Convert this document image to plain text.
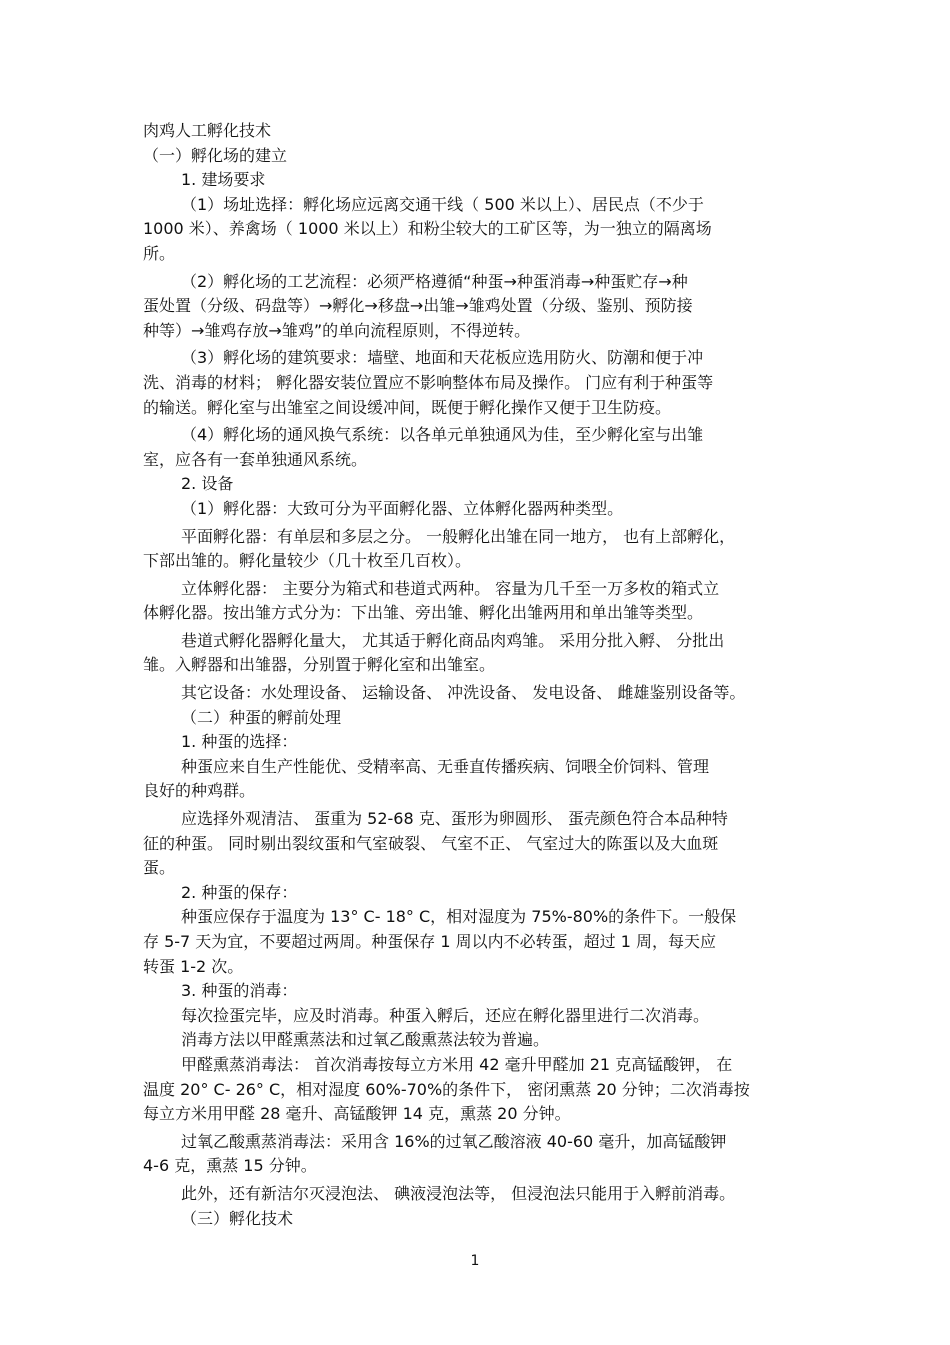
肉鸡人工孵化技术
（一）孵化场的建立
1. 建场要求
（1）场址选择：孵化场应远离交通干线（ 500 米以上）、居民点（不少于
1000 米）、养禽场（ 1000 米以上）和粉尘较大的工矿区等，为一独立的隔离场
所。
（2）孵化场的工艺流程：必须严格遵循“种蛋→种蛋消毒→种蛋贮存→种
蛋处置（分级、码盘等）→孵化→移盘→出雏→雏鸡处置（分级、鉴别、预防接
种等）→雏鸡存放→雏鸡”的单向流程原则，不得逆转。
（3）孵化场的建筑要求：墙壁、地面和天花板应选用防火、防潮和便于冲
洗、消毒的材料； 孵化器安装位置应不影响整体布局及操作。 门应有利于种蛋等
的输送。孵化室与出雏室之间设缓冲间，既便于孵化操作又便于卫生防疫。
（4）孵化场的通风换气系统：以各单元单独通风为佳，至少孵化室与出雏
室，应各有一套单独通风系统。
2. 设备
（1）孵化器：大致可分为平面孵化器、立体孵化器两种类型。
平面孵化器：有单层和多层之分。 一般孵化出雏在同一地方， 也有上部孵化，
下部出雏的。孵化量较少（几十枚至几百枚）。
立体孵化器： 主要分为箱式和巷道式两种。 容量为几千至一万多枚的箱式立
体孵化器。按出雏方式分为：下出雏、旁出雏、孵化出雏两用和单出雏等类型。
巷道式孵化器孵化量大， 尤其适于孵化商品肉鸡雏。 采用分批入孵、 分批出
雏。入孵器和出雏器，分别置于孵化室和出雏室。
其它设备：水处理设备、 运输设备、 冲洗设备、 发电设备、 雌雄鉴别设备等。
（二）种蛋的孵前处理
1. 种蛋的选择：
种蛋应来自生产性能优、受精率高、无垂直传播疾病、饲喂全价饲料、管理
良好的种鸡群。
应选择外观清洁、 蛋重为 52-68 克、蛋形为卵圆形、 蛋壳颜色符合本品种特
征的种蛋。 同时剔出裂纹蛋和气室破裂、 气室不正、 气室过大的陈蛋以及大血斑
蛋。
2. 种蛋的保存：
种蛋应保存于温度为 13° C- 18° C，相对湿度为 75%-80%的条件下。一般保
存 5-7 天为宜，不要超过两周。种蛋保存 1 周以内不必转蛋，超过 1 周，每天应
转蛋 1-2 次。
3. 种蛋的消毒：
每次捡蛋完毕，应及时消毒。种蛋入孵后，还应在孵化器里进行二次消毒。
消毒方法以甲醛熏蒸法和过氧乙酸熏蒸法较为普遍。
甲醛熏蒸消毒法： 首次消毒按每立方米用 42 毫升甲醛加 21 克高锰酸钾， 在
温度 20° C- 26° C，相对湿度 60%-70%的条件下， 密闭熏蒸 20 分钟；二次消毒按
每立方米用甲醛 28 毫升、高锰酸钾 14 克，熏蒸 20 分钟。
过氧乙酸熏蒸消毒法：采用含 16%的过氧乙酸溶液 40-60 毫升，加高锰酸钾
4-6 克，熏蒸 15 分钟。
此外，还有新洁尔灭浸泡法、 碘液浸泡法等， 但浸泡法只能用于入孵前消毒。
（三）孵化技术
1
